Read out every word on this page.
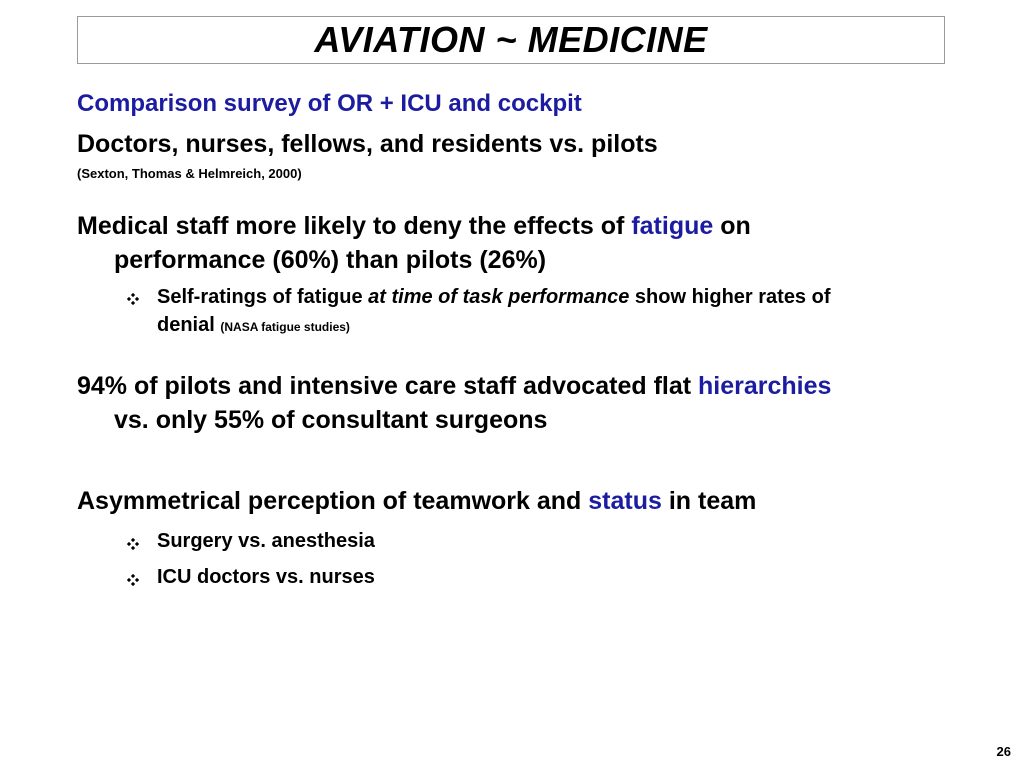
AVIATION ~ MEDICINE
Comparison survey of OR + ICU and cockpit
Doctors, nurses, fellows, and residents vs. pilots
(Sexton, Thomas & Helmreich, 2000)
Medical staff more likely to deny the effects of fatigue on
performance (60%) than pilots (26%)
Self-ratings of fatigue at time of task performance show higher rates of
denial (NASA fatigue studies)
94% of pilots and intensive care staff advocated flat hierarchies
vs. only 55% of consultant surgeons
Asymmetrical perception of teamwork and status in team
Surgery vs. anesthesia
ICU doctors vs. nurses
26
